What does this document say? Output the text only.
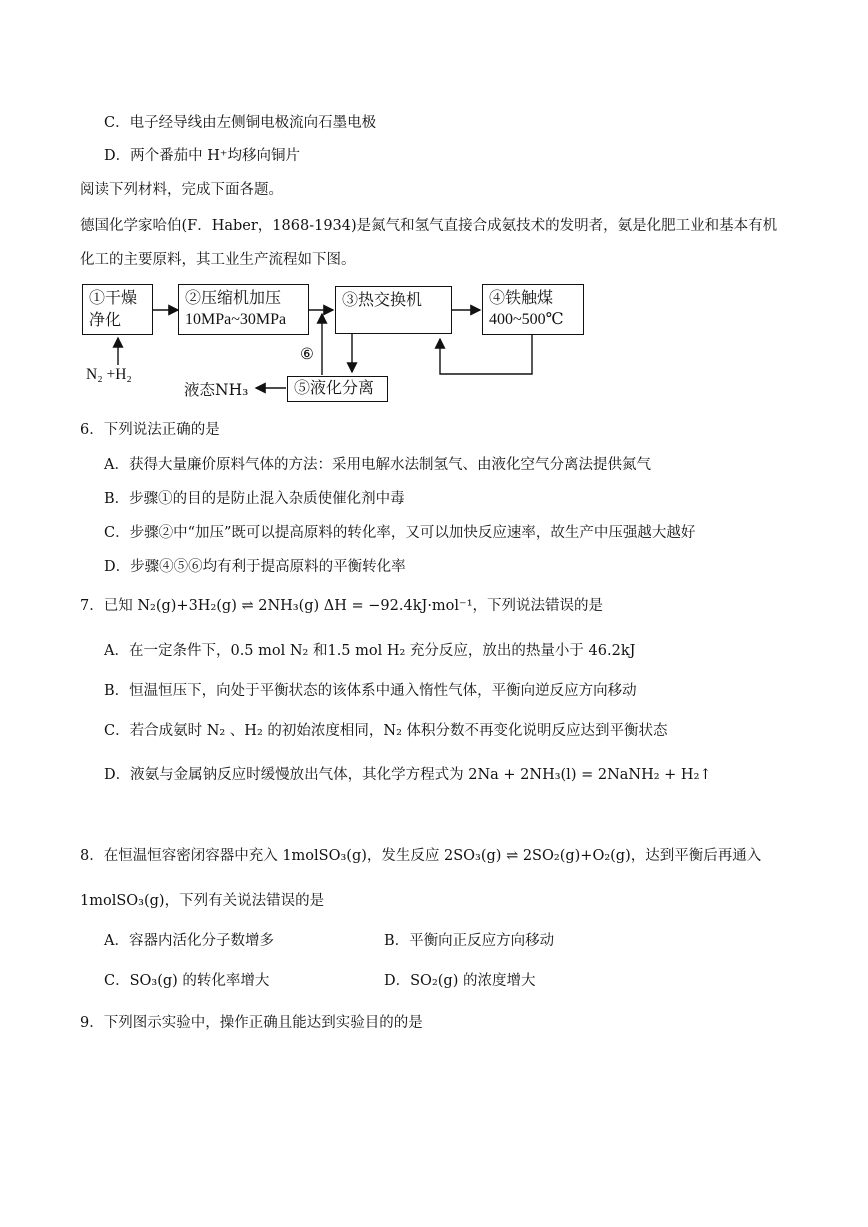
C．电子经导线由左侧铜电极流向石墨电极
D．两个番茄中 H⁺均移向铜片
阅读下列材料，完成下面各题。
德国化学家哈伯(F．Haber，1868-1934)是氮气和氢气直接合成氨技术的发明者，氨是化肥工业和基本有机
化工的主要原料，其工业生产流程如下图。
①干燥
净化
②压缩机加压
10MPa~30MPa
③热交换机	④铁触煤
400~500℃
⑤液化分离
⑥
N₂ +H₂
液态NH₃
6．下列说法正确的是
A．获得大量廉价原料气体的方法：采用电解水法制氢气、由液化空气分离法提供氮气
B．步骤①的目的是防止混入杂质使催化剂中毒
C．步骤②中“加压”既可以提高原料的转化率，又可以加快反应速率，故生产中压强越大越好
D．步骤④⑤⑥均有利于提高原料的平衡转化率
7．已知 N₂(g)+3H₂(g) ⇌ 2NH₃(g) ΔH = −92.4kJ·mol⁻¹，下列说法错误的是
A．在一定条件下，0.5 mol N₂ 和1.5 mol H₂ 充分反应，放出的热量小于 46.2kJ
B．恒温恒压下，向处于平衡状态的该体系中通入惰性气体，平衡向逆反应方向移动
C．若合成氨时 N₂ 、H₂ 的初始浓度相同，N₂ 体积分数不再变化说明反应达到平衡状态
D．液氨与金属钠反应时缓慢放出气体，其化学方程式为 2Na + 2NH₃(l) = 2NaNH₂ + H₂↑
8．在恒温恒容密闭容器中充入 1molSO₃(g)，发生反应 2SO₃(g) ⇌ 2SO₂(g)+O₂(g)，达到平衡后再通入
1molSO₃(g)，下列有关说法错误的是
A．容器内活化分子数增多	B．平衡向正反应方向移动
C．SO₃(g) 的转化率增大	D．SO₂(g) 的浓度增大
9．下列图示实验中，操作正确且能达到实验目的的是
